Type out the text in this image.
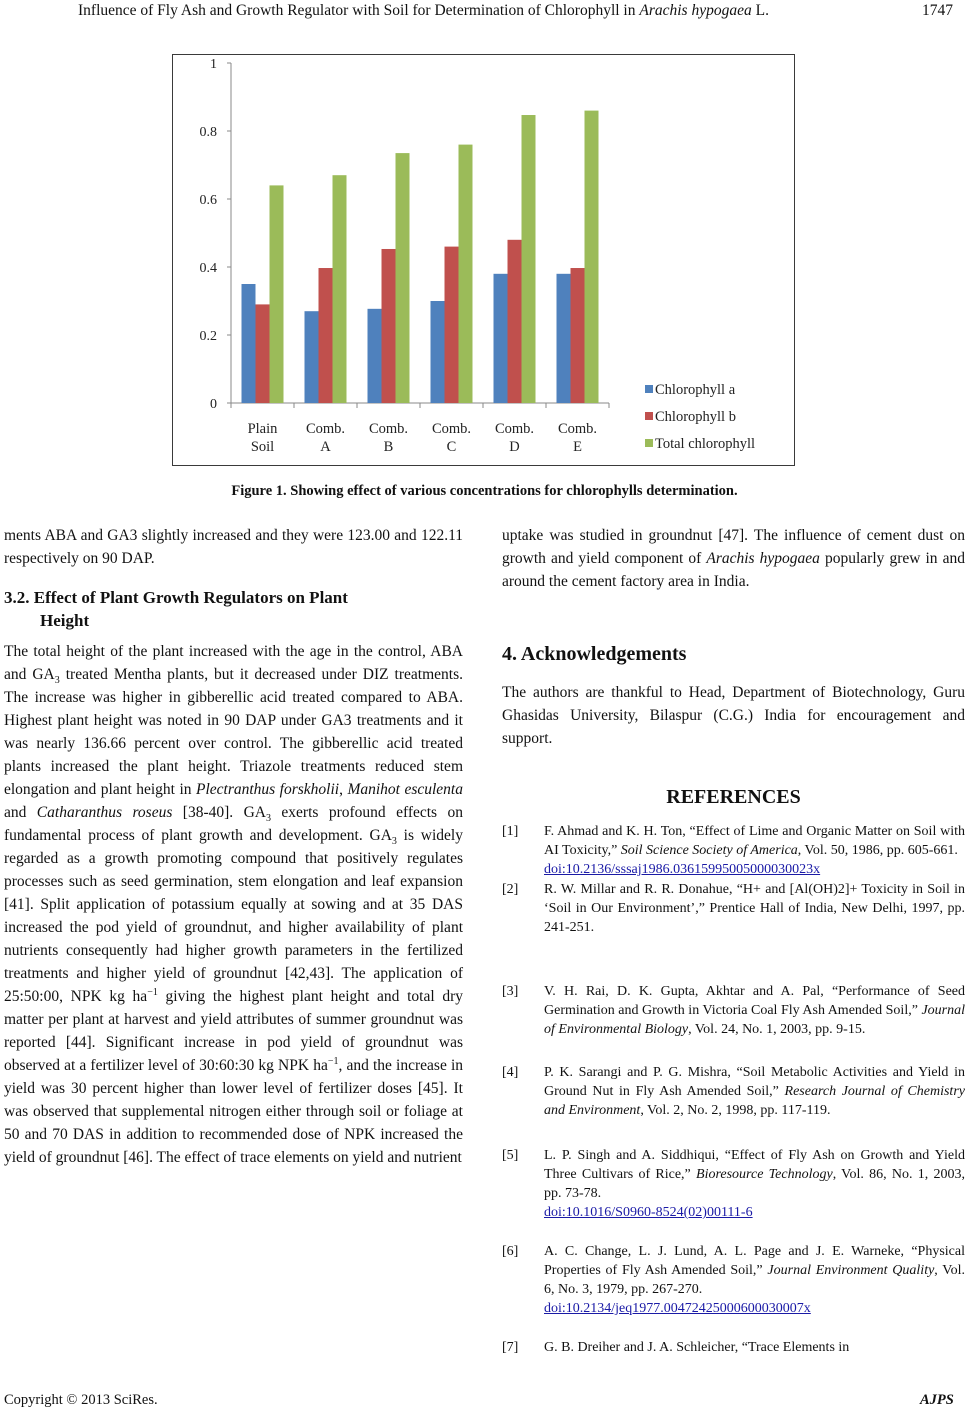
Influence of Fly Ash and Growth Regulator with Soil for Determination of Chlorophyll in Arachis hypogaea L.	1747
0
0.2
0.4
0.6
0.8
1
Plain
Soil
Comb.
A
Comb.
B
Comb.
C
Comb.
D
Comb.
E
Chlorophyll a
Chlorophyll b
Total chlorophyll
Figure 1. Showing effect of various concentrations for chlorophylls determination.

ments ABA and GA3 slightly increased and they were 123.00 and 122.11 respectively on 90 DAP.

3.2. Effect of Plant Growth Regulators on Plant
Height

The total height of the plant increased with the age in the control, ABA and $GA_3$ treated Mentha plants, but it decreased under DIZ treatments. The increase was higher in gibberellic acid treated compared to ABA. Highest plant height was noted in 90 DAP under GA3 treatments and it was nearly 136.66 percent over control. The gibberellic acid treated plants increased the plant height. Triazole treatments reduced stem elongation and plant height in Plectranthus forskholii, Manihot esculenta and Catharanthus roseus [38-40]. $GA_3$ exerts profound effects on fundamental process of plant growth and development. $GA_3$ is widely regarded as a growth promoting compound that positively regulates processes such as seed germination, stem elongation and leaf expansion [41]. Split application of potassium equally at sowing and at 35 DAS increased the pod yield of groundnut, and higher availability of plant nutrients consequently had higher growth parameters in the fertilized treatments and higher yield of groundnut [42,43]. The application of 25:50:00, NPK kg $ha^{-1}$ giving the highest plant height and total dry matter per plant at harvest and yield attributes of summer groundnut was reported [44]. Significant increase in pod yield of groundnut was observed at a fertilizer level of 30:60:30 kg NPK $ha^{-1}$, and the increase in yield was 30 percent higher than lower level of fertilizer doses [45]. It was observed that supplemental nitrogen either through soil or foliage at 50 and 70 DAS in addition to recommended dose of NPK increased the yield of groundnut [46]. The effect of trace elements on yield and nutrient

uptake was studied in groundnut [47]. The influence of cement dust on growth and yield component of Arachis hypogaea popularly grew in and around the cement factory area in India.

4. Acknowledgements
The authors are thankful to Head, Department of Biotechnology, Guru Ghasidas University, Bilaspur (C.G.) India for encouragement and support.
REFERENCES
[1] F. Ahmad and K. H. Ton, “Effect of Lime and Organic Matter on Soil with AI Toxicity,” Soil Science Society of America, Vol. 50, 1986, pp. 605-661.
doi:10.2136/sssaj1986.03615995005000030023x
[2] R. W. Millar and R. R. Donahue, “H+ and [Al(OH)2]+ Toxicity in Soil in ‘Soil in Our Environment’,” Prentice Hall of India, New Delhi, 1997, pp. 241-251.
[3] V. H. Rai, D. K. Gupta, Akhtar and A. Pal, “Performance of Seed Germination and Growth in Victoria Coal Fly Ash Amended Soil,” Journal of Environmental Biology, Vol. 24, No. 1, 2003, pp. 9-15.
[4] P. K. Sarangi and P. G. Mishra, “Soil Metabolic Activities and Yield in Ground Nut in Fly Ash Amended Soil,” Research Journal of Chemistry and Environment, Vol. 2, No. 2, 1998, pp. 117-119.
[5] L. P. Singh and A. Siddhiqui, “Effect of Fly Ash on Growth and Yield Three Cultivars of Rice,” Bioresource Technology, Vol. 86, No. 1, 2003, pp. 73-78.
doi:10.1016/S0960-8524(02)00111-6
[6] A. C. Change, L. J. Lund, A. L. Page and J. E. Warneke, “Physical Properties of Fly Ash Amended Soil,” Journal Environment Quality, Vol. 6, No. 3, 1979, pp. 267-270.
doi:10.2134/jeq1977.00472425000600030007x
[7] G. B. Dreiher and J. A. Schleicher, “Trace Elements in
Copyright © 2013 SciRes.	AJPS
